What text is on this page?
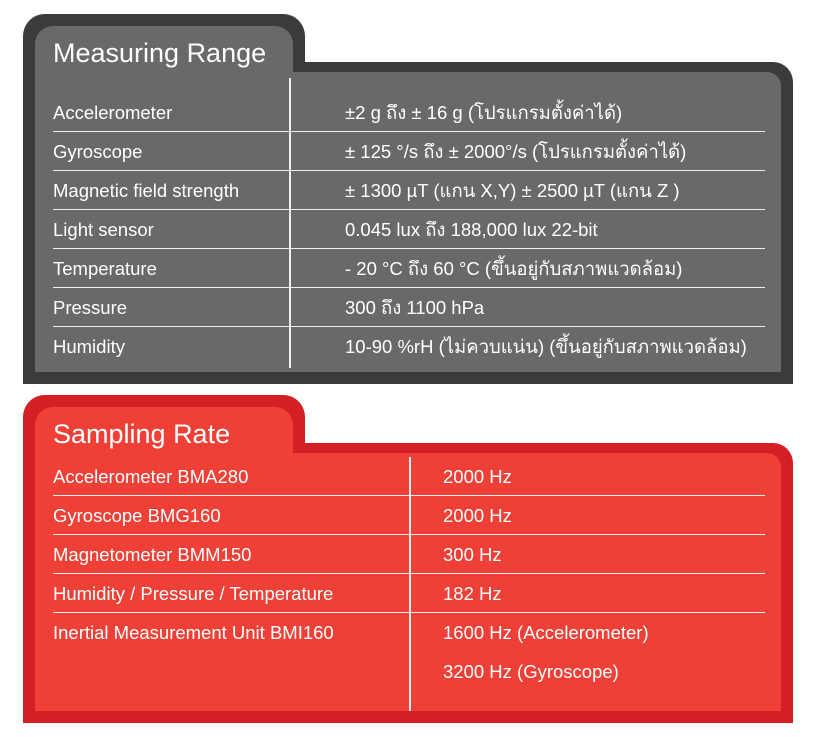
Measuring Range
Accelerometer	±2 g ถึง ± 16 g (โปรแกรมตั้งค่าได้)
Gyroscope	± 125 °/s ถึง ± 2000°/s (โปรแกรมตั้งค่าได้)
Magnetic field strength	± 1300 µT (แกน X,Y) ± 2500 µT (แกน Z )
Light sensor	0.045 lux ถึง 188,000 lux 22-bit
Temperature	- 20 °C ถึง 60 °C (ขึ้นอยู่กับสภาพแวดล้อม)
Pressure	300 ถึง 1100 hPa
Humidity	10-90 %rH (ไม่ควบแน่น) (ขึ้นอยู่กับสภาพแวดล้อม)
Sampling Rate
Accelerometer BMA280	2000 Hz
Gyroscope BMG160	2000 Hz
Magnetometer BMM150	300 Hz
Humidity / Pressure / Temperature	182 Hz
Inertial Measurement Unit BMI160	1600 Hz (Accelerometer)
3200 Hz (Gyroscope)
